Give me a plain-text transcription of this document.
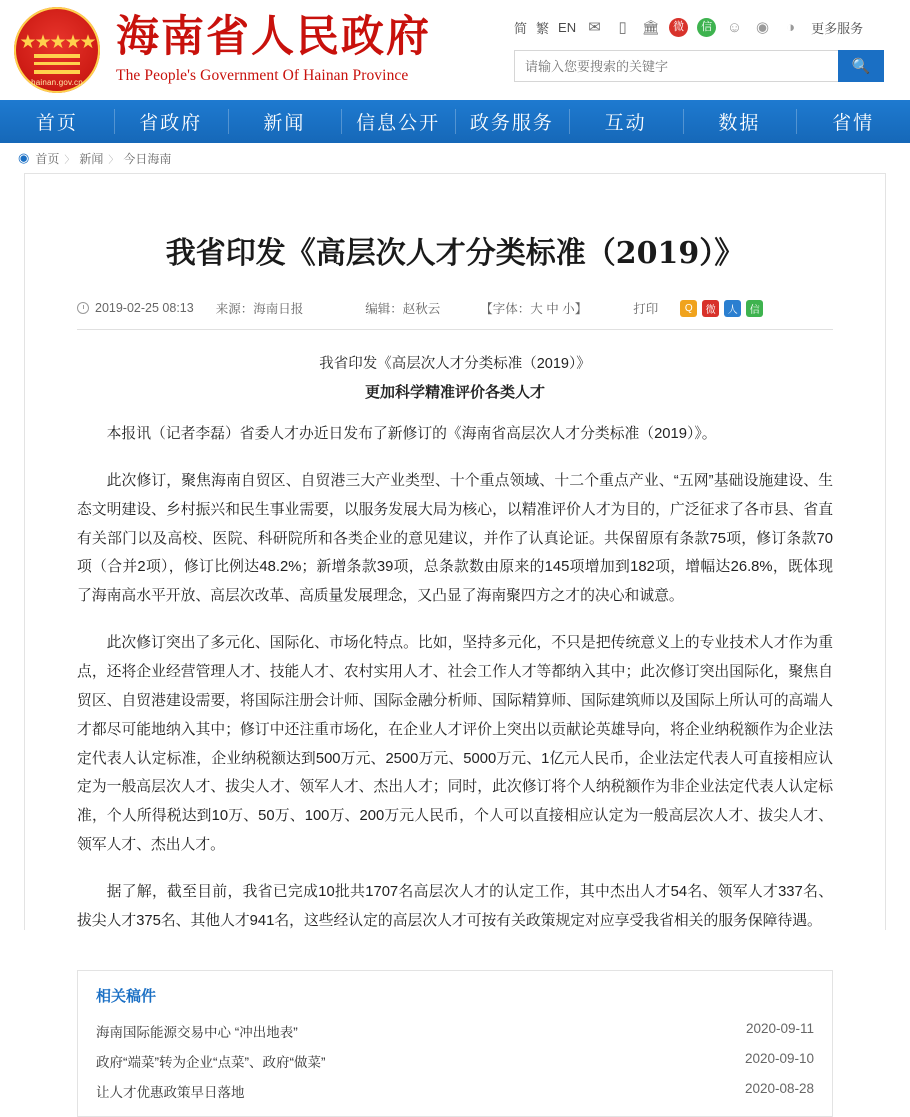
★★★★★
hainan.gov.cn
海南省人民政府
The People's Government Of Hainan Province
简 繁 EN ✉	▯	🏛	微	信 ☺ ◉	◑	更多服务
请输入您要搜索的关键字
🔍
首页	省政府	新闻	信息公开	政务服务	互动	数据	省情
◉ 首页 〉 新闻 〉 今日海南
我省印发《高层次人才分类标准（2019）》
2019-02-25 08:13 来源：海南日报	编辑：赵秋云	【字体：大 中 小】	打印	Q	微	人	信
我省印发《高层次人才分类标准（2019）》
更加科学精准评价各类人才

本报讯（记者李磊）省委人才办近日发布了新修订的《海南省高层次人才分类标准（2019）》。

此次修订，聚焦海南自贸区、自贸港三大产业类型、十个重点领域、十二个重点产业、“五网”基础设施建设、生态文明建设、乡村振兴和民生事业需要，以服务发展大局为核心，以精准评价人才为目的，广泛征求了各市县、省直有关部门以及高校、医院、科研院所和各类企业的意见建议，并作了认真论证。共保留原有条款75项，修订条款70项（合并2项），修订比例达48.2%；新增条款39项，总条款数由原来的145项增加到182项，增幅达26.8%，既体现了海南高水平开放、高层次改革、高质量发展理念，又凸显了海南聚四方之才的决心和诚意。

此次修订突出了多元化、国际化、市场化特点。比如，坚持多元化，不只是把传统意义上的专业技术人才作为重点，还将企业经营管理人才、技能人才、农村实用人才、社会工作人才等都纳入其中；此次修订突出国际化，聚焦自贸区、自贸港建设需要，将国际注册会计师、国际金融分析师、国际精算师、国际建筑师以及国际上所认可的高端人才都尽可能地纳入其中；修订中还注重市场化，在企业人才评价上突出以贡献论英雄导向，将企业纳税额作为企业法定代表人认定标准，企业纳税额达到500万元、2500万元、5000万元、1亿元人民币，企业法定代表人可直接相应认定为一般高层次人才、拔尖人才、领军人才、杰出人才；同时，此次修订将个人纳税额作为非企业法定代表人认定标准，个人所得税达到10万、50万、100万、200万元人民币，个人可以直接相应认定为一般高层次人才、拔尖人才、领军人才、杰出人才。

据了解，截至目前，我省已完成10批共1707名高层次人才的认定工作，其中杰出人才54名、领军人才337名、拔尖人才375名、其他人才941名，这些经认定的高层次人才可按有关政策规定对应享受我省相关的服务保障待遇。

相关稿件
海南国际能源交易中心 “冲出地表”	2020-09-11
政府“端菜”转为企业“点菜”、政府“做菜”	2020-09-10
让人才优惠政策早日落地	2020-08-28
